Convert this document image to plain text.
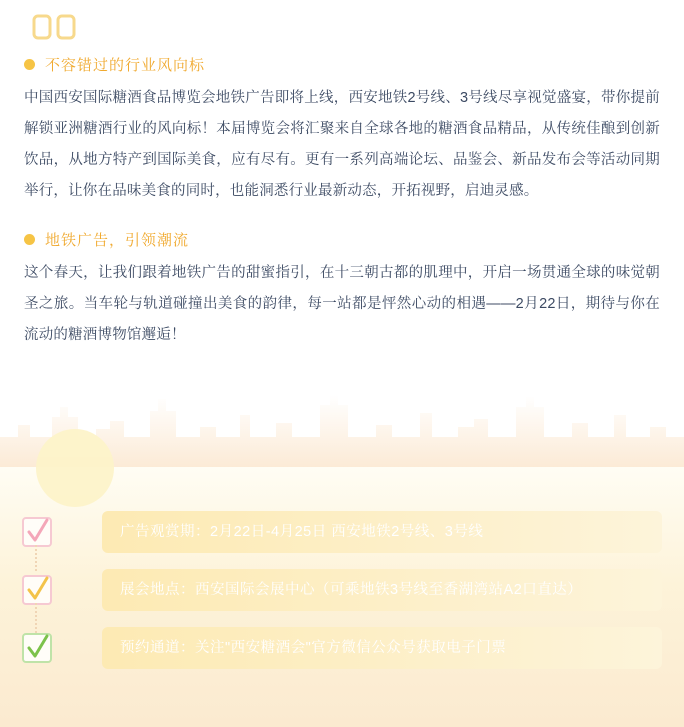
不容错过的行业风向标

中国西安国际糖酒食品博览会地铁广告即将上线，西安地铁2号线、3号线尽享视觉盛宴，带你提前解锁亚洲糖酒行业的风向标！本届博览会将汇聚来自全球各地的糖酒食品精品，从传统佳酿到创新饮品，从地方特产到国际美食，应有尽有。更有一系列高端论坛、品鉴会、新品发布会等活动同期举行，让你在品味美食的同时，也能洞悉行业最新动态，开拓视野，启迪灵感。

地铁广告，引领潮流

这个春天，让我们跟着地铁广告的甜蜜指引，在十三朝古都的肌理中，开启一场贯通全球的味觉朝圣之旅。当车轮与轨道碰撞出美食的韵律，每一站都是怦然心动的相遇——2月22日，期待与你在流动的糖酒博物馆邂逅！

广告观赏期：2月22日-4月25日 西安地铁2号线、3号线
展会地点：西安国际会展中心（可乘地铁3号线至香湖湾站A2口直达）
预约通道：关注"西安糖酒会"官方微信公众号获取电子门票
